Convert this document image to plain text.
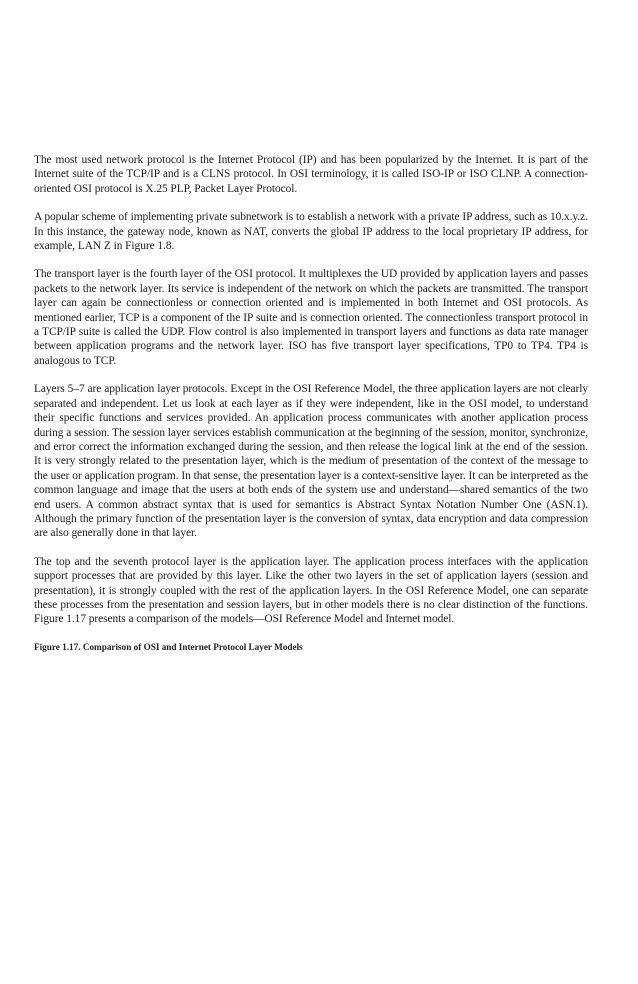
The most used network protocol is the Internet Protocol (IP) and has been popularized by the Internet. It is part of the Internet suite of the TCP/IP and is a CLNS protocol. In OSI terminology, it is called ISO-IP or ISO CLNP. A connection-oriented OSI protocol is X.25 PLP, Packet Layer Protocol.

A popular scheme of implementing private subnetwork is to establish a network with a private IP address, such as 10.x.y.z. In this instance, the gateway node, known as NAT, converts the global IP address to the local proprietary IP address, for example, LAN Z in Figure 1.8.

The transport layer is the fourth layer of the OSI protocol. It multiplexes the UD provided by application layers and passes packets to the network layer. Its service is independent of the network on which the packets are transmitted. The transport layer can again be connectionless or connection oriented and is implemented in both Internet and OSI protocols. As mentioned earlier, TCP is a component of the IP suite and is connection oriented. The connectionless transport protocol in a TCP/IP suite is called the UDP. Flow control is also implemented in transport layers and functions as data rate manager between application programs and the network layer. ISO has five transport layer specifications, TP0 to TP4. TP4 is analogous to TCP.

Layers 5–7 are application layer protocols. Except in the OSI Reference Model, the three application layers are not clearly separated and independent. Let us look at each layer as if they were independent, like in the OSI model, to understand their specific functions and services provided. An application process communicates with another application process during a session. The session layer services establish communication at the beginning of the session, monitor, synchronize, and error correct the information exchanged during the session, and then release the logical link at the end of the session. It is very strongly related to the presentation layer, which is the medium of presentation of the context of the message to the user or application program. In that sense, the presentation layer is a context-sensitive layer. It can be interpreted as the common language and image that the users at both ends of the system use and understand—shared semantics of the two end users. A common abstract syntax that is used for semantics is Abstract Syntax Notation Number One (ASN.1). Although the primary function of the presentation layer is the conversion of syntax, data encryption and data compression are also generally done in that layer.

The top and the seventh protocol layer is the application layer. The application process interfaces with the application support processes that are provided by this layer. Like the other two layers in the set of application layers (session and presentation), it is strongly coupled with the rest of the application layers. In the OSI Reference Model, one can separate these processes from the presentation and session layers, but in other models there is no clear distinction of the functions. Figure 1.17 presents a comparison of the models—OSI Reference Model and Internet model.

Figure 1.17. Comparison of OSI and Internet Protocol Layer Models
